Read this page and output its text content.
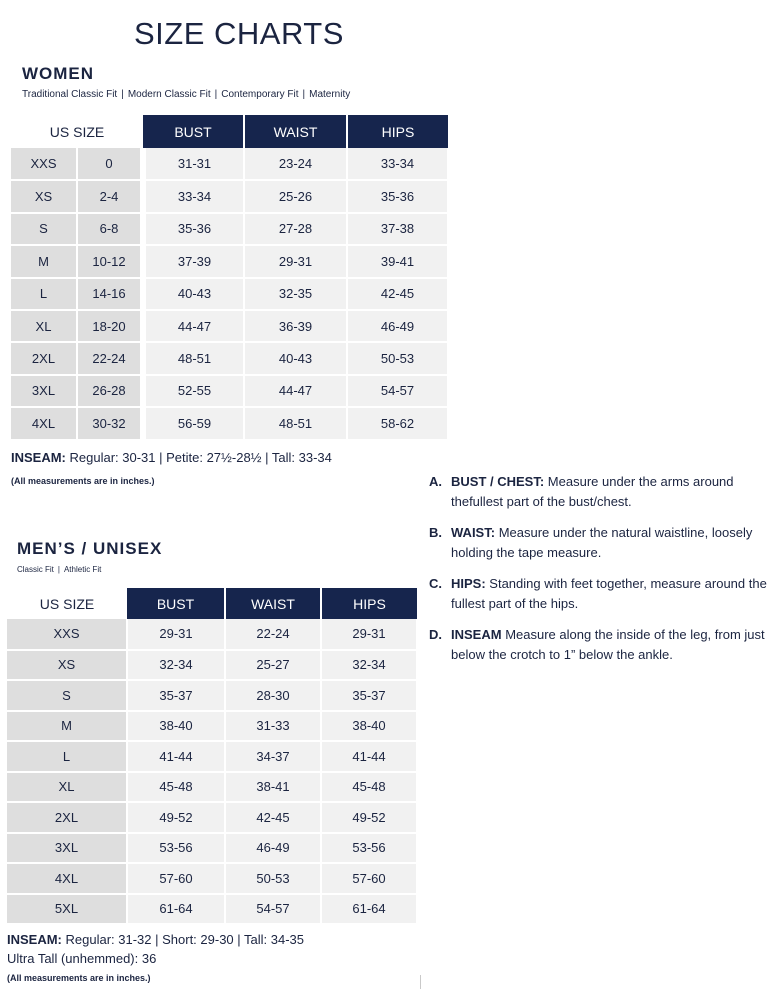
SIZE CHARTS
WOMEN
Traditional Classic Fit | Modern Classic Fit | Contemporary Fit | Maternity
US SIZE		BUST	WAIST	HIPS
XXS	0	31-31	23-24	33-34
XS	2-4	33-34	25-26	35-36
S	6-8	35-36	27-28	37-38
M	10-12	37-39	29-31	39-41
L	14-16	40-43	32-35	42-45
XL	18-20	44-47	36-39	46-49
2XL	22-24	48-51	40-43	50-53
3XL	26-28	52-55	44-47	54-57
4XL	30-32	56-59	48-51	58-62
INSEAM: Regular: 30-31 | Petite: 27½-28½ | Tall: 33-34
(All measurements are in inches.)
MEN’S / UNISEX
Classic Fit | Athletic Fit
US SIZE	BUST	WAIST	HIPS
XXS	29-31	22-24	29-31
XS	32-34	25-27	32-34
S	35-37	28-30	35-37
M	38-40	31-33	38-40
L	41-44	34-37	41-44
XL	45-48	38-41	45-48
2XL	49-52	42-45	49-52
3XL	53-56	46-49	53-56
4XL	57-60	50-53	57-60
5XL	61-64	54-57	61-64
INSEAM: Regular: 31-32 | Short: 29-30 | Tall: 34-35
Ultra Tall (unhemmed): 36
(All measurements are in inches.)
A. BUST / CHEST: Measure under the arms around thefullest part of the bust/chest.
B. WAIST: Measure under the natural waistline, loosely holding the tape measure.
C. HIPS: Standing with feet together, measure around the fullest part of the hips.
D. INSEAM Measure along the inside of the leg, from just below the crotch to 1” below the ankle.
